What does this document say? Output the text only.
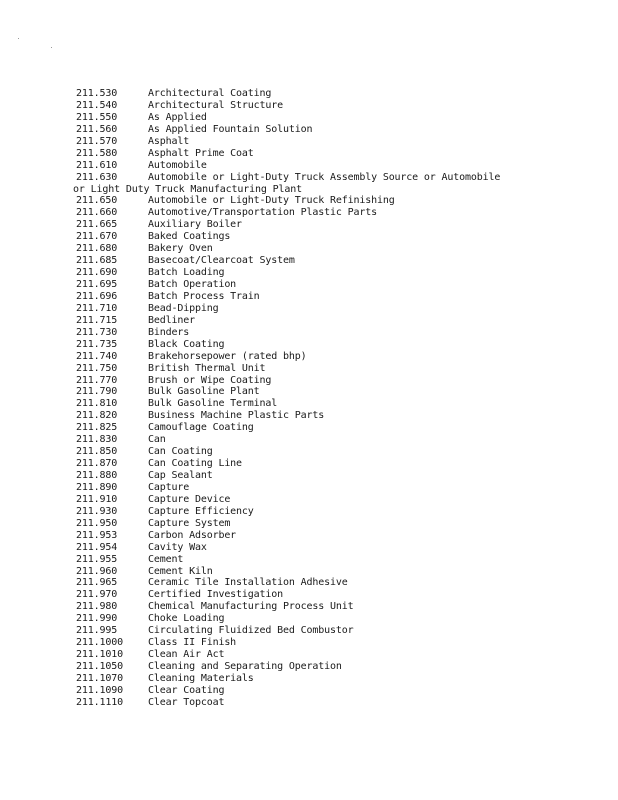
211.530	Architectural Coating
211.540	Architectural Structure
211.550	As Applied
211.560	As Applied Fountain Solution
211.570	Asphalt
211.580	Asphalt Prime Coat
211.610	Automobile
211.630	Automobile or Light-Duty Truck Assembly Source or Automobile
or Light Duty Truck Manufacturing Plant
211.650	Automobile or Light-Duty Truck Refinishing
211.660	Automotive/Transportation Plastic Parts
211.665	Auxiliary Boiler
211.670	Baked Coatings
211.680	Bakery Oven
211.685	Basecoat/Clearcoat System
211.690	Batch Loading
211.695	Batch Operation
211.696	Batch Process Train
211.710	Bead-Dipping
211.715	Bedliner
211.730	Binders
211.735	Black Coating
211.740	Brakehorsepower (rated bhp)
211.750	British Thermal Unit
211.770	Brush or Wipe Coating
211.790	Bulk Gasoline Plant
211.810	Bulk Gasoline Terminal
211.820	Business Machine Plastic Parts
211.825	Camouflage Coating
211.830	Can
211.850	Can Coating
211.870	Can Coating Line
211.880	Cap Sealant
211.890	Capture
211.910	Capture Device
211.930	Capture Efficiency
211.950	Capture System
211.953	Carbon Adsorber
211.954	Cavity Wax
211.955	Cement
211.960	Cement Kiln
211.965	Ceramic Tile Installation Adhesive
211.970	Certified Investigation
211.980	Chemical Manufacturing Process Unit
211.990	Choke Loading
211.995	Circulating Fluidized Bed Combustor
211.1000	Class II Finish
211.1010	Clean Air Act
211.1050	Cleaning and Separating Operation
211.1070	Cleaning Materials
211.1090	Clear Coating
211.1110	Clear Topcoat
